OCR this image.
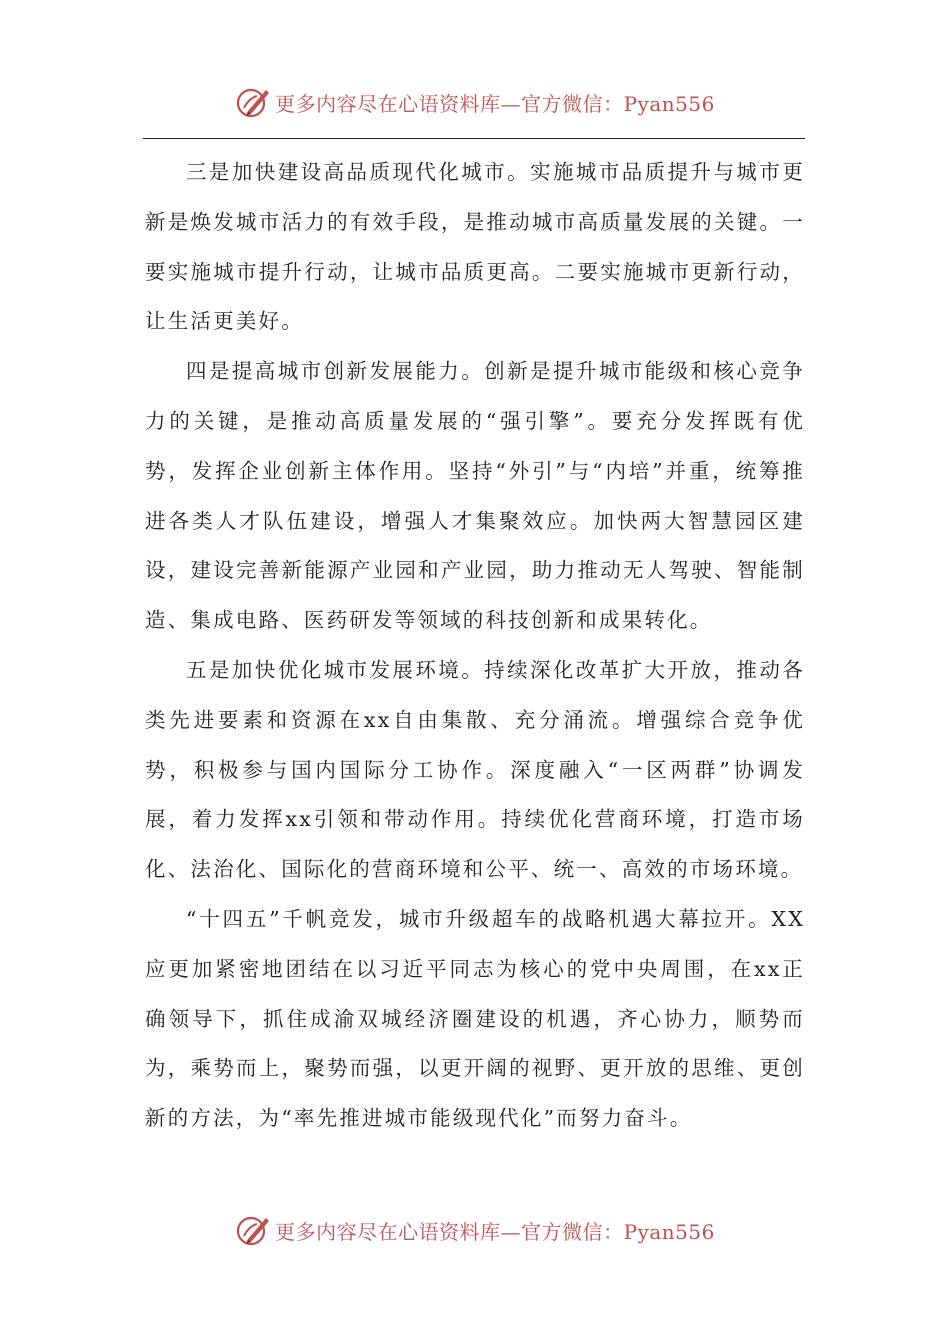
更多内容尽在心语资料库—官方微信：Pyan556

三是加快建设高品质现代化城市。实施城市品质提升与城市更新是焕发城市活力的有效手段，是推动城市高质量发展的关键。一要实施城市提升行动，让城市品质更高。二要实施城市更新行动，让生活更美好。

四是提高城市创新发展能力。创新是提升城市能级和核心竞争力的关键，是推动高质量发展的“强引擎”。要充分发挥既有优势，发挥企业创新主体作用。坚持“外引”与“内培”并重，统筹推进各类人才队伍建设，增强人才集聚效应。加快两大智慧园区建设，建设完善新能源产业园和产业园，助力推动无人驾驶、智能制造、集成电路、医药研发等领域的科技创新和成果转化。

五是加快优化城市发展环境。持续深化改革扩大开放，推动各类先进要素和资源在xx自由集散、充分涌流。增强综合竞争优势，积极参与国内国际分工协作。深度融入“一区两群”协调发展，着力发挥xx引领和带动作用。持续优化营商环境，打造市场化、法治化、国际化的营商环境和公平、统一、高效的市场环境。

“十四五”千帆竞发，城市升级超车的战略机遇大幕拉开。XX应更加紧密地团结在以习近平同志为核心的党中央周围，在xx正确领导下，抓住成渝双城经济圈建设的机遇，齐心协力，顺势而为，乘势而上，聚势而强，以更开阔的视野、更开放的思维、更创新的方法，为“率先推进城市能级现代化”而努力奋斗。

更多内容尽在心语资料库—官方微信：Pyan556
